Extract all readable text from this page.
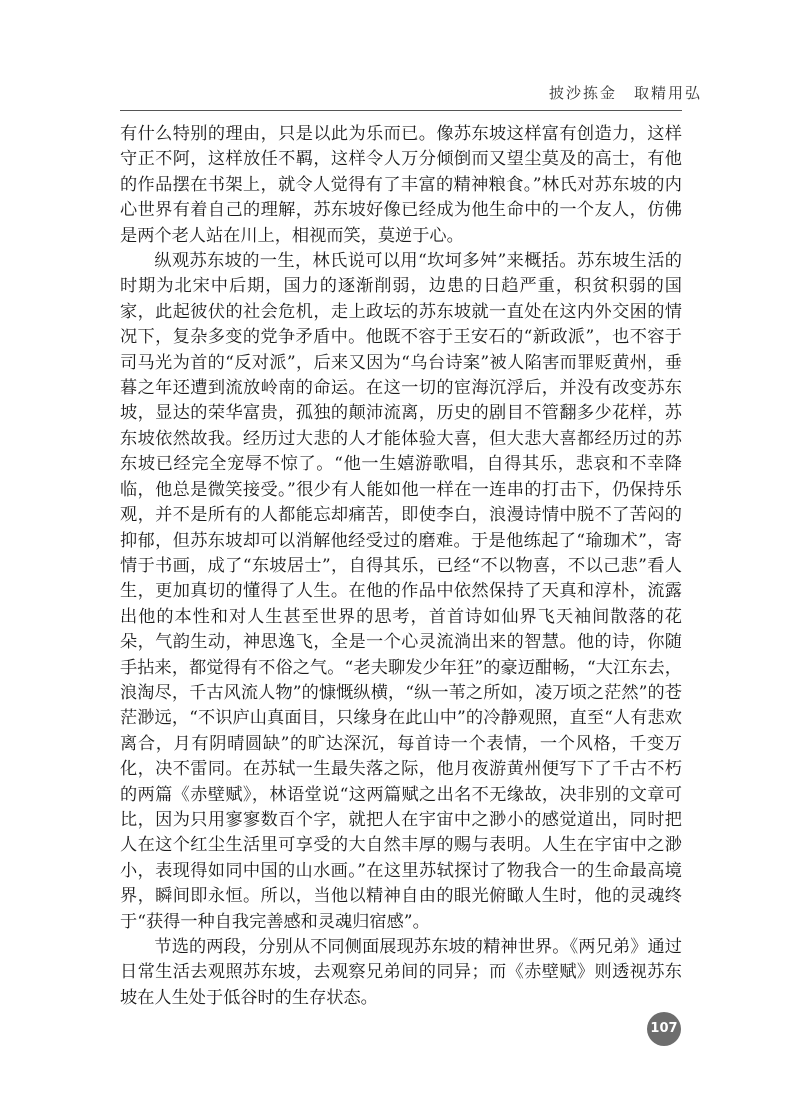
披沙拣金　取精用弘

有什么特别的理由，只是以此为乐而已。像苏东坡这样富有创造力，这样守正不阿，这样放任不羁，这样令人万分倾倒而又望尘莫及的高士，有他的作品摆在书架上，就令人觉得有了丰富的精神粮食。”林氏对苏东坡的内心世界有着自己的理解，苏东坡好像已经成为他生命中的一个友人，仿佛是两个老人站在川上，相视而笑，莫逆于心。

纵观苏东坡的一生，林氏说可以用“坎坷多舛”来概括。苏东坡生活的时期为北宋中后期，国力的逐渐削弱，边患的日趋严重，积贫积弱的国家，此起彼伏的社会危机，走上政坛的苏东坡就一直处在这内外交困的情况下，复杂多变的党争矛盾中。他既不容于王安石的“新政派”，也不容于司马光为首的“反对派”，后来又因为“乌台诗案”被人陷害而罪贬黄州，垂暮之年还遭到流放岭南的命运。在这一切的宦海沉浮后，并没有改变苏东坡，显达的荣华富贵，孤独的颠沛流离，历史的剧目不管翻多少花样，苏东坡依然故我。经历过大悲的人才能体验大喜，但大悲大喜都经历过的苏东坡已经完全宠辱不惊了。“他一生嬉游歌唱，自得其乐，悲哀和不幸降临，他总是微笑接受。”很少有人能如他一样在一连串的打击下，仍保持乐观，并不是所有的人都能忘却痛苦，即使李白，浪漫诗情中脱不了苦闷的抑郁，但苏东坡却可以消解他经受过的磨难。于是他练起了“瑜珈术”，寄情于书画，成了“东坡居士”，自得其乐，已经“不以物喜，不以己悲”看人生，更加真切的懂得了人生。在他的作品中依然保持了天真和淳朴，流露出他的本性和对人生甚至世界的思考，首首诗如仙界飞天袖间散落的花朵，气韵生动，神思逸飞，全是一个心灵流淌出来的智慧。他的诗，你随手拈来，都觉得有不俗之气。“老夫聊发少年狂”的豪迈酣畅，“大江东去，浪淘尽，千古风流人物”的慷慨纵横，“纵一苇之所如，凌万顷之茫然”的苍茫渺远，“不识庐山真面目，只缘身在此山中”的冷静观照，直至“人有悲欢离合，月有阴晴圆缺”的旷达深沉，每首诗一个表情，一个风格，千变万化，决不雷同。在苏轼一生最失落之际，他月夜游黄州便写下了千古不朽的两篇《赤壁赋》，林语堂说“这两篇赋之出名不无缘故，决非别的文章可比，因为只用寥寥数百个字，就把人在宇宙中之渺小的感觉道出，同时把人在这个红尘生活里可享受的大自然丰厚的赐与表明。人生在宇宙中之渺小，表现得如同中国的山水画。”在这里苏轼探讨了物我合一的生命最高境界，瞬间即永恒。所以，当他以精神自由的眼光俯瞰人生时，他的灵魂终于“获得一种自我完善感和灵魂归宿感”。

节选的两段，分别从不同侧面展现苏东坡的精神世界。《两兄弟》通过日常生活去观照苏东坡，去观察兄弟间的同异；而《赤壁赋》则透视苏东坡在人生处于低谷时的生存状态。

107
